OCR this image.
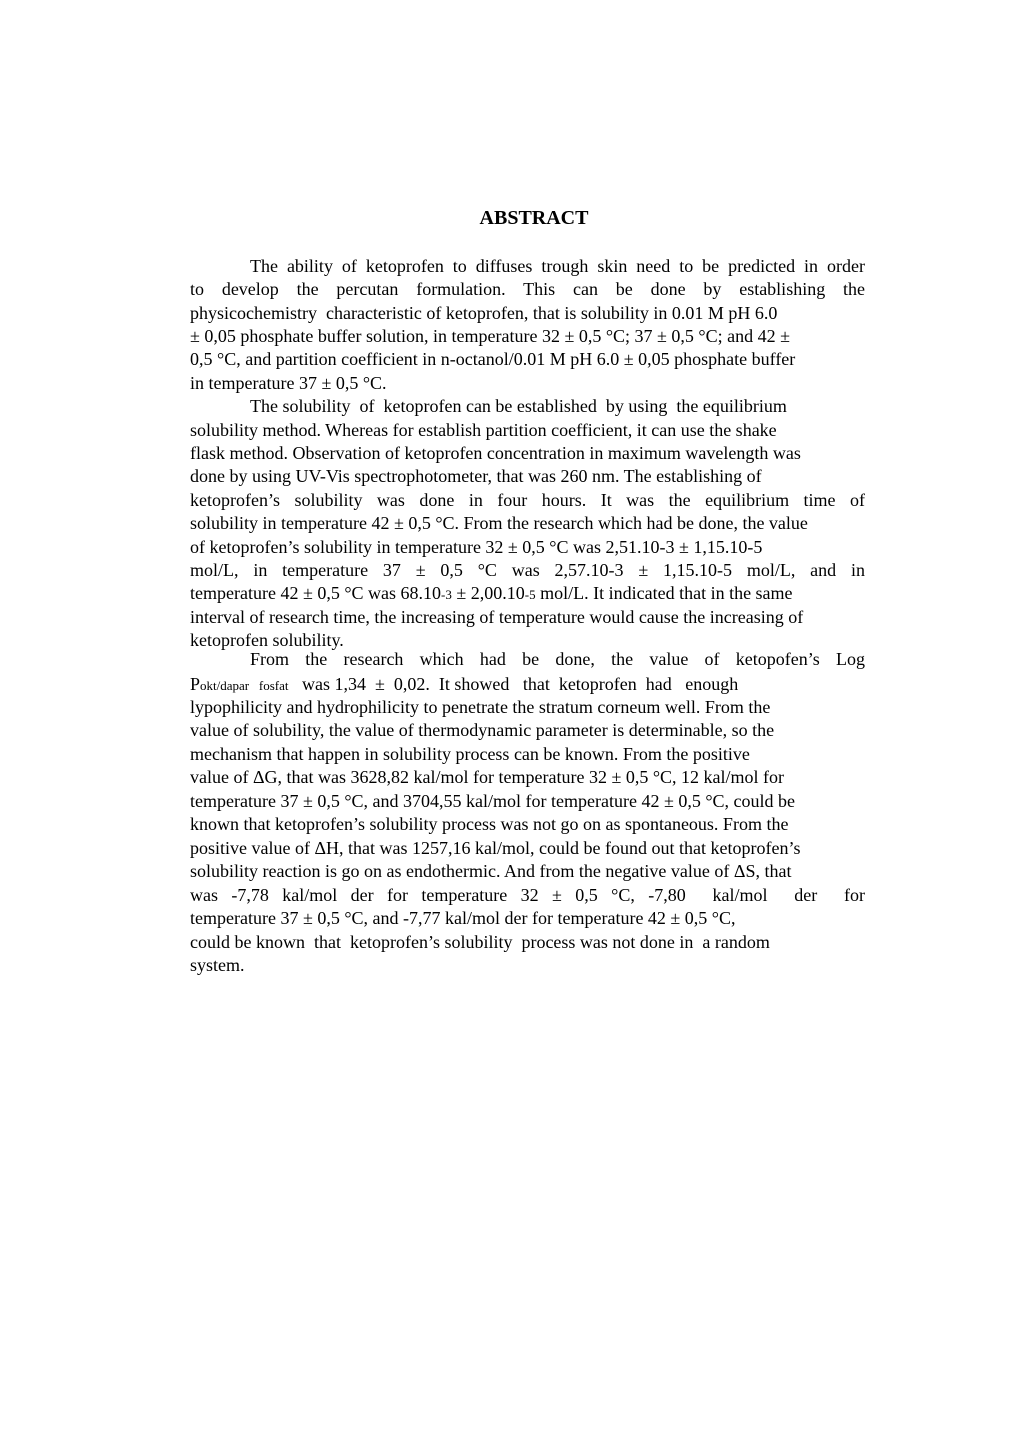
ABSTRACT
The ability of ketoprofen to diffuses trough skin need to be predicted in order
to develop the percutan formulation. This can be done by establishing the
physicochemistry  characteristic of ketoprofen, that is solubility in 0.01 M pH 6.0
± 0,05 phosphate buffer solution, in temperature 32 ± 0,5 °C; 37 ± 0,5 °C; and 42 ±
0,5 °C, and partition coefficient in n-octanol/0.01 M pH 6.0 ± 0,05 phosphate buffer
in temperature 37 ± 0,5 °C.
The solubility  of  ketoprofen can be established  by using  the equilibrium
solubility method. Whereas for establish partition coefficient, it can use the shake
flask method. Observation of ketoprofen concentration in maximum wavelength was
done by using UV-Vis spectrophotometer, that was 260 nm. The establishing of
ketoprofen’s solubility was done in four hours. It was the equilibrium time of
solubility in temperature 42 ± 0,5 °C. From the research which had be done, the value
of ketoprofen’s solubility in temperature 32 ± 0,5 °C was 2,51.10-3 ± 1,15.10-5
mol/L, in temperature 37 ± 0,5 °C was 2,57.10-3 ± 1,15.10-5 mol/L, and in
temperature 42 ± 0,5 °C was 68.10-3 ± 2,00.10-5 mol/L. It indicated that in the same
interval of research time, the increasing of temperature would cause the increasing of
ketoprofen solubility.
From the research which had be done, the value of ketopofen’s Log
Pokt/dapar   fosfat   was 1,34  ±  0,02.  It showed   that  ketoprofen  had   enough
lypophilicity and hydrophilicity to penetrate the stratum corneum well. From the
value of solubility, the value of thermodynamic parameter is determinable, so the
mechanism that happen in solubility process can be known. From the positive
value of ΔG, that was 3628,82 kal/mol for temperature 32 ± 0,5 °C, 12 kal/mol for
temperature 37 ± 0,5 °C, and 3704,55 kal/mol for temperature 42 ± 0,5 °C, could be
known that ketoprofen’s solubility process was not go on as spontaneous. From the
positive value of ΔH, that was 1257,16 kal/mol, could be found out that ketoprofen’s
solubility reaction is go on as endothermic. And from the negative value of ΔS, that
was -7,78 kal/mol der for temperature 32 ± 0,5 °C, -7,80  kal/mol  der  for
temperature 37 ± 0,5 °C, and -7,77 kal/mol der for temperature 42 ± 0,5 °C,
could be known  that  ketoprofen’s solubility  process was not done in  a random
system.
